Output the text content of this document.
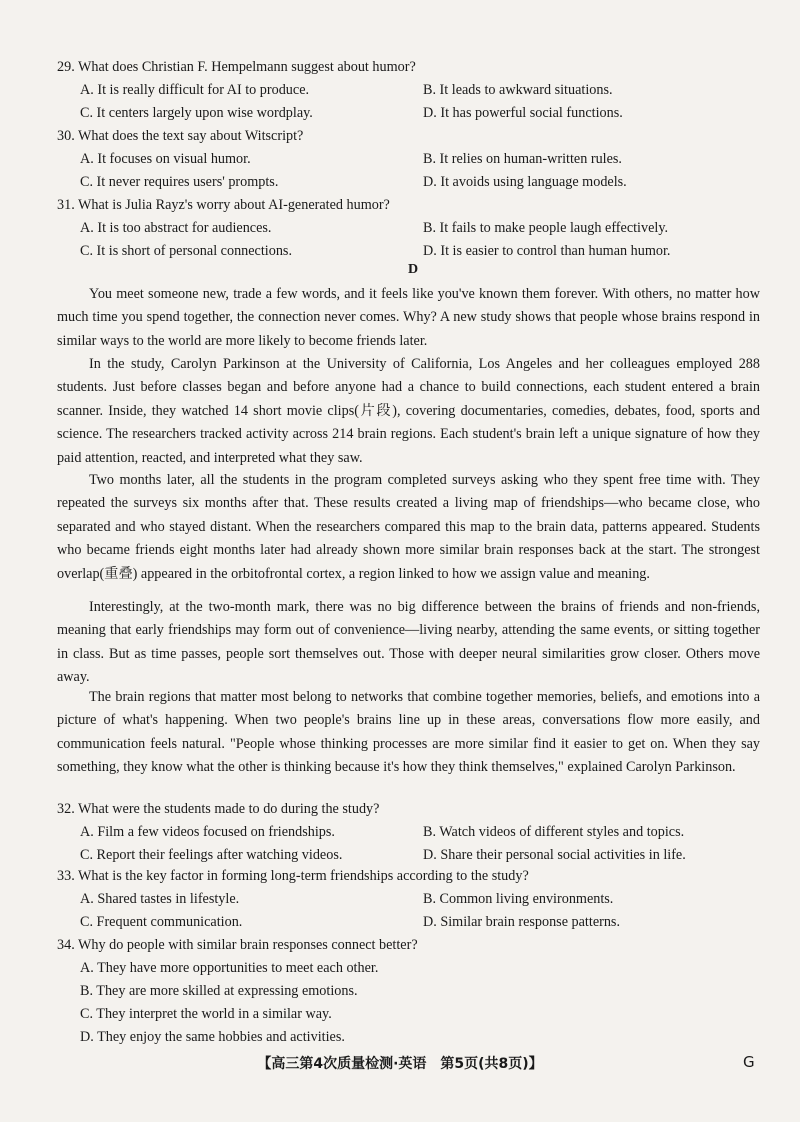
29. What does Christian F. Hempelmann suggest about humor?
A. It is really difficult for AI to produce.	B. It leads to awkward situations.
C. It centers largely upon wise wordplay.	D. It has powerful social functions.
30. What does the text say about Witscript?
A. It focuses on visual humor.	B. It relies on human-written rules.
C. It never requires users' prompts.	D. It avoids using language models.
31. What is Julia Rayz's worry about AI-generated humor?
A. It is too abstract for audiences.	B. It fails to make people laugh effectively.
C. It is short of personal connections.	D. It is easier to control than human humor.
D

You meet someone new, trade a few words, and it feels like you've known them forever. With others, no matter how much time you spend together, the connection never comes. Why? A new study shows that people whose brains respond in similar ways to the world are more likely to become friends later.

In the study, Carolyn Parkinson at the University of California, Los Angeles and her colleagues employed 288 students. Just before classes began and before anyone had a chance to build connections, each student entered a brain scanner. Inside, they watched 14 short movie clips(片段), covering documentaries, comedies, debates, food, sports and science. The researchers tracked activity across 214 brain regions. Each student's brain left a unique signature of how they paid attention, reacted, and interpreted what they saw.

Two months later, all the students in the program completed surveys asking who they spent free time with. They repeated the surveys six months after that. These results created a living map of friendships—who became close, who separated and who stayed distant. When the researchers compared this map to the brain data, patterns appeared. Students who became friends eight months later had already shown more similar brain responses back at the start. The strongest overlap(重叠) appeared in the orbitofrontal cortex, a region linked to how we assign value and meaning.

Interestingly, at the two-month mark, there was no big difference between the brains of friends and non-friends, meaning that early friendships may form out of convenience—living nearby, attending the same events, or sitting together in class. But as time passes, people sort themselves out. Those with deeper neural similarities grow closer. Others move away.

The brain regions that matter most belong to networks that combine together memories, beliefs, and emotions into a picture of what's happening. When two people's brains line up in these areas, conversations flow more easily, and communication feels natural. "People whose thinking processes are more similar find it easier to get on. When they say something, they know what the other is thinking because it's how they think themselves," explained Carolyn Parkinson.

32. What were the students made to do during the study?
A. Film a few videos focused on friendships.	B. Watch videos of different styles and topics.
C. Report their feelings after watching videos.	D. Share their personal social activities in life.
33. What is the key factor in forming long-term friendships according to the study?
A. Shared tastes in lifestyle.	B. Common living environments.
C. Frequent communication.	D. Similar brain response patterns.
34. Why do people with similar brain responses connect better?
A. They have more opportunities to meet each other.
B. They are more skilled at expressing emotions.
C. They interpret the world in a similar way.
D. They enjoy the same hobbies and activities.
【高三第4次质量检测·英语　第5页(共8页)】	G
